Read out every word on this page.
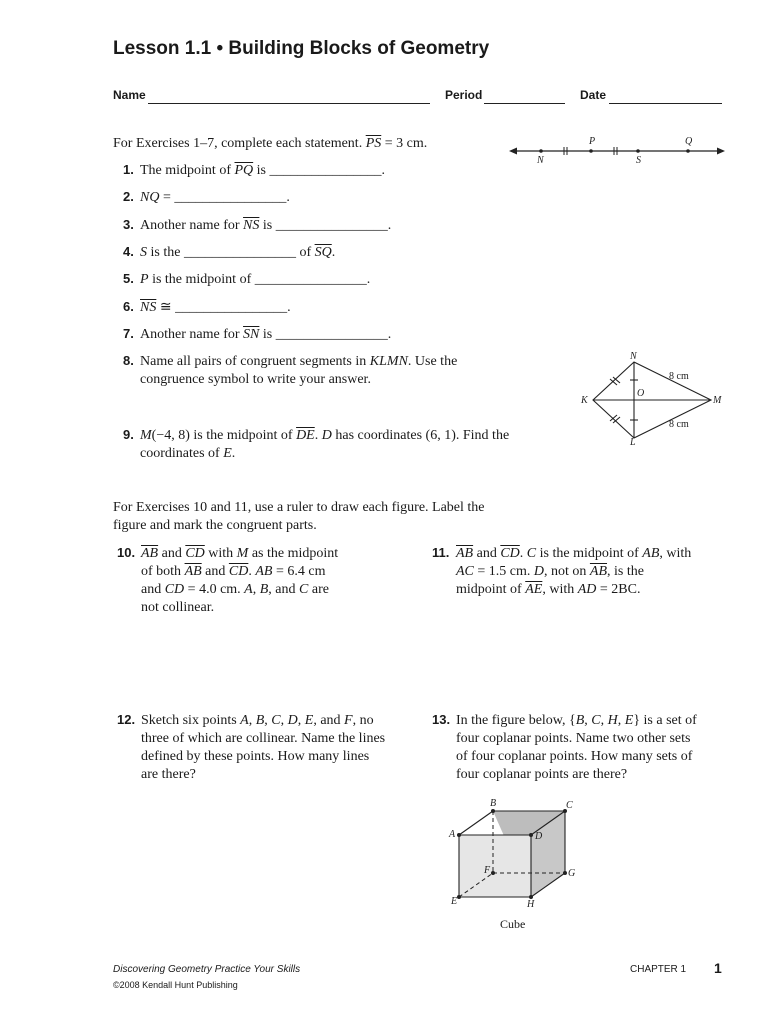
Lesson 1.1 • Building Blocks of Geometry
Name	Period	Date
For Exercises 1–7, complete each statement. $\overline{PS} = 3$ cm.	P	Q
N	S
1. The midpoint of $\overline{PQ}$ is ________________.
2. NQ = ________________.
3. Another name for $\overline{NS}$ is ________________.
4. S is the ________________ of $\overline{SQ}$.
5. P is the midpoint of ________________.
6. $\overline{NS}$ ≅ ________________.
7. Another name for $\overline{SN}$ is ________________.
8. Name all pairs of congruent segments in KLMN. Use the
congruence symbol to write your answer.
N
K
O
M
L
8 cm
8 cm
9. M(−4, 8) is the midpoint of $\overline{DE}$. D has coordinates (6, 1). Find the
coordinates of E.
For Exercises 10 and 11, use a ruler to draw each figure. Label the
figure and mark the congruent parts.
10. $\overline{AB}$ and $\overline{CD}$ with M as the midpoint
of both $\overline{AB}$ and $\overline{CD}$. AB = 6.4 cm
and CD = 4.0 cm. A, B, and C are
not collinear.
11. $\overline{AB}$ and $\overline{CD}$. C is the midpoint of AB, with
AC = 1.5 cm. D, not on $\overline{AB}$, is the
midpoint of $\overline{AE}$, with AD = 2BC.
12. Sketch six points A, B, C, D, E, and F, no
three of which are collinear. Name the lines
defined by these points. How many lines
are there?
13. In the figure below, {B, C, H, E} is a set of
four coplanar points. Name two other sets
of four coplanar points. How many sets of
four coplanar points are there?
B	C
A	D
F	G
E	H
Cube
Discovering Geometry Practice Your Skills
©2008 Kendall Hunt Publishing
CHAPTER 1 1
